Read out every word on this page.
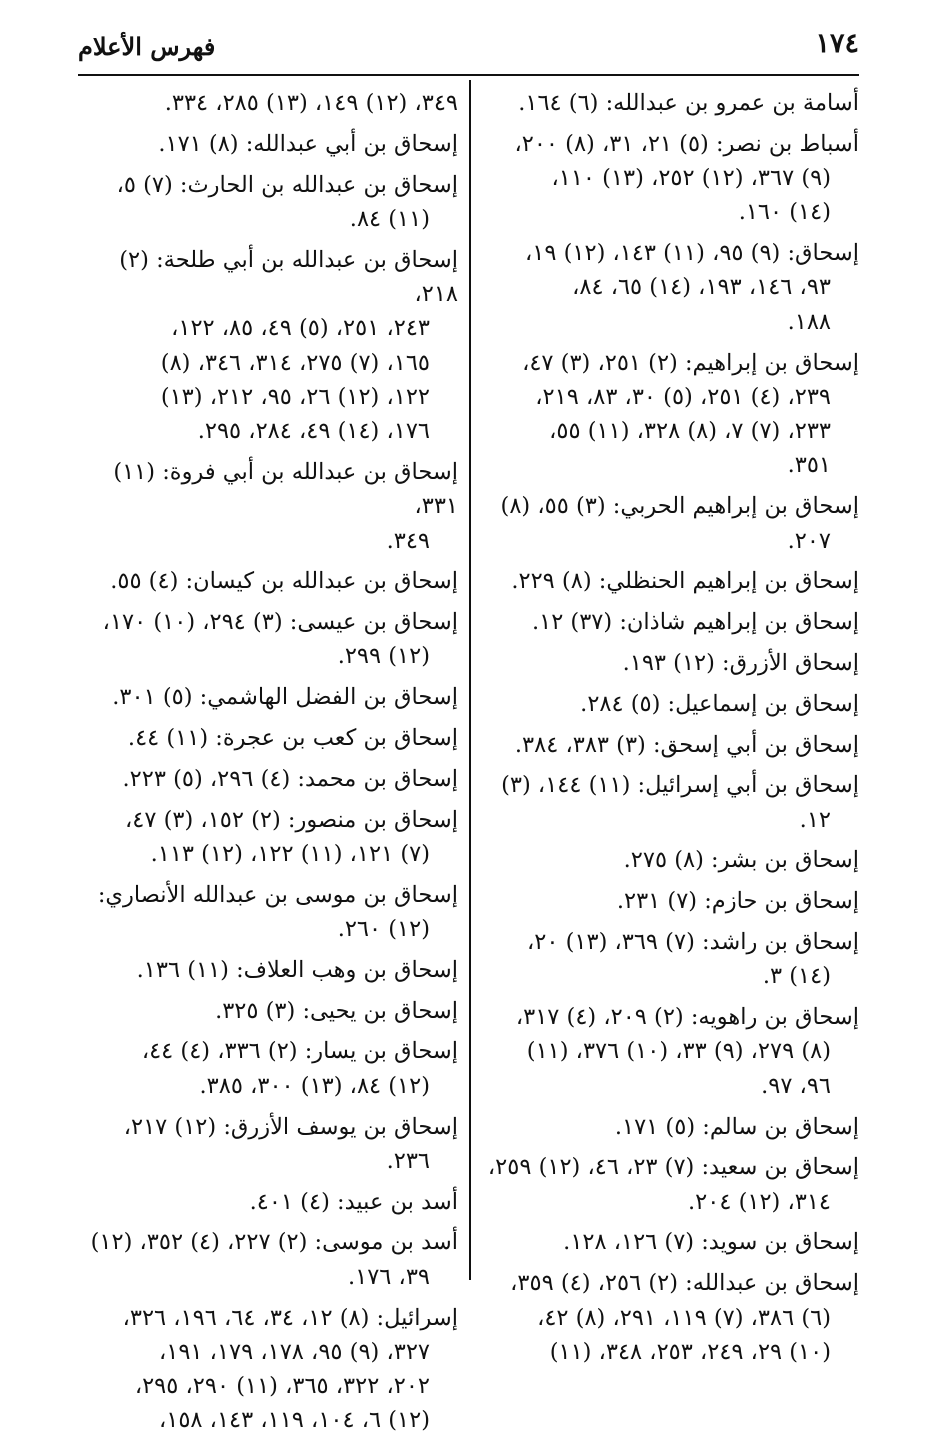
١٧٤
فهرس الأعلام
أسامة بن عمرو بن عبدالله: (٦) ١٦٤.
أسباط بن نصر: (٥) ٢١، ٣١، (٨) ٢٠٠،
(٩) ٣٦٧، (١٢) ٢٥٢، (١٣) ١١٠،
(١٤) ١٦٠.
إسحاق: (٩) ٩٥، (١١) ١٤٣، (١٢) ١٩،
٩٣، ١٤٦، ١٩٣، (١٤) ٦٥، ٨٤،
١٨٨.
إسحاق بن إبراهيم: (٢) ٢٥١، (٣) ٤٧،
٢٣٩، (٤) ٢٥١، (٥) ٣٠، ٨٣، ٢١٩،
٢٣٣، (٧) ٧، (٨) ٣٢٨، (١١) ٥٥،
٣٥١.
إسحاق بن إبراهيم الحربي: (٣) ٥٥، (٨)
٢٠٧.
إسحاق بن إبراهيم الحنظلي: (٨) ٢٢٩.
إسحاق بن إبراهيم شاذان: (٣٧) ١٢.
إسحاق الأزرق: (١٢) ١٩٣.
إسحاق بن إسماعيل: (٥) ٢٨٤.
إسحاق بن أبي إسحق: (٣) ٣٨٣، ٣٨٤.
إسحاق بن أبي إسرائيل: (١١) ١٤٤، (٣)
١٢.
إسحاق بن بشر: (٨) ٢٧٥.
إسحاق بن حازم: (٧) ٢٣١.
إسحاق بن راشد: (٧) ٣٦٩، (١٣) ٢٠،
(١٤) ٣.
إسحاق بن راهويه: (٢) ٢٠٩، (٤) ٣١٧،
(٨) ٢٧٩، (٩) ٣٣، (١٠) ٣٧٦، (١١)
٩٦، ٩٧.
إسحاق بن سالم: (٥) ١٧١.
إسحاق بن سعيد: (٧) ٢٣، ٤٦، (١٢) ٢٥٩،
٣١٤، (١٢) ٢٠٤.
إسحاق بن سويد: (٧) ١٢٦، ١٢٨.
إسحاق بن عبدالله: (٢) ٢٥٦، (٤) ٣٥٩،
(٦) ٣٨٦، (٧) ١١٩، ٢٩١، (٨) ٤٢،
(١٠) ٢٩، ٢٤٩، ٢٥٣، ٣٤٨، (١١)
٣٤٩، (١٢) ١٤٩، (١٣) ٢٨٥، ٣٣٤.
إسحاق بن أبي عبدالله: (٨) ١٧١.
إسحاق بن عبدالله بن الحارث: (٧) ٥،
(١١) ٨٤.
إسحاق بن عبدالله بن أبي طلحة: (٢) ٢١٨،
٢٤٣، ٢٥١، (٥) ٤٩، ٨٥، ١٢٢،
١٦٥، (٧) ٢٧٥، ٣١٤، ٣٤٦، (٨)
١٢٢، (١٢) ٢٦، ٩٥، ٢١٢، (١٣)
١٧٦، (١٤) ٤٩، ٢٨٤، ٢٩٥.
إسحاق بن عبدالله بن أبي فروة: (١١) ٣٣١،
٣٤٩.
إسحاق بن عبدالله بن كيسان: (٤) ٥٥.
إسحاق بن عيسى: (٣) ٢٩٤، (١٠) ١٧٠،
(١٢) ٢٩٩.
إسحاق بن الفضل الهاشمي: (٥) ٣٠١.
إسحاق بن كعب بن عجرة: (١١) ٤٤.
إسحاق بن محمد: (٤) ٢٩٦، (٥) ٢٢٣.
إسحاق بن منصور: (٢) ١٥٢، (٣) ٤٧،
(٧) ١٢١، (١١) ١٢٢، (١٢) ١١٣.
إسحاق بن موسى بن عبدالله الأنصاري:
(١٢) ٢٦٠.
إسحاق بن وهب العلاف: (١١) ١٣٦.
إسحاق بن يحيى: (٣) ٣٢٥.
إسحاق بن يسار: (٢) ٣٣٦، (٤) ٤٤،
(١٢) ٨٤، (١٣) ٣٠٠، ٣٨٥.
إسحاق بن يوسف الأزرق: (١٢) ٢١٧،
٢٣٦.
أسد بن عبيد: (٤) ٤٠١.
أسد بن موسى: (٢) ٢٢٧، (٤) ٣٥٢، (١٢)
٣٩، ١٧٦.
إسرائيل: (٨) ١٢، ٣٤، ٦٤، ١٩٦، ٣٢٦،
٣٢٧، (٩) ٩٥، ١٧٨، ١٧٩، ١٩١،
٢٠٢، ٣٢٢، ٣٦٥، (١١) ٢٩٠، ٢٩٥،
(١٢) ٦، ١٠٤، ١١٩، ١٤٣، ١٥٨،
